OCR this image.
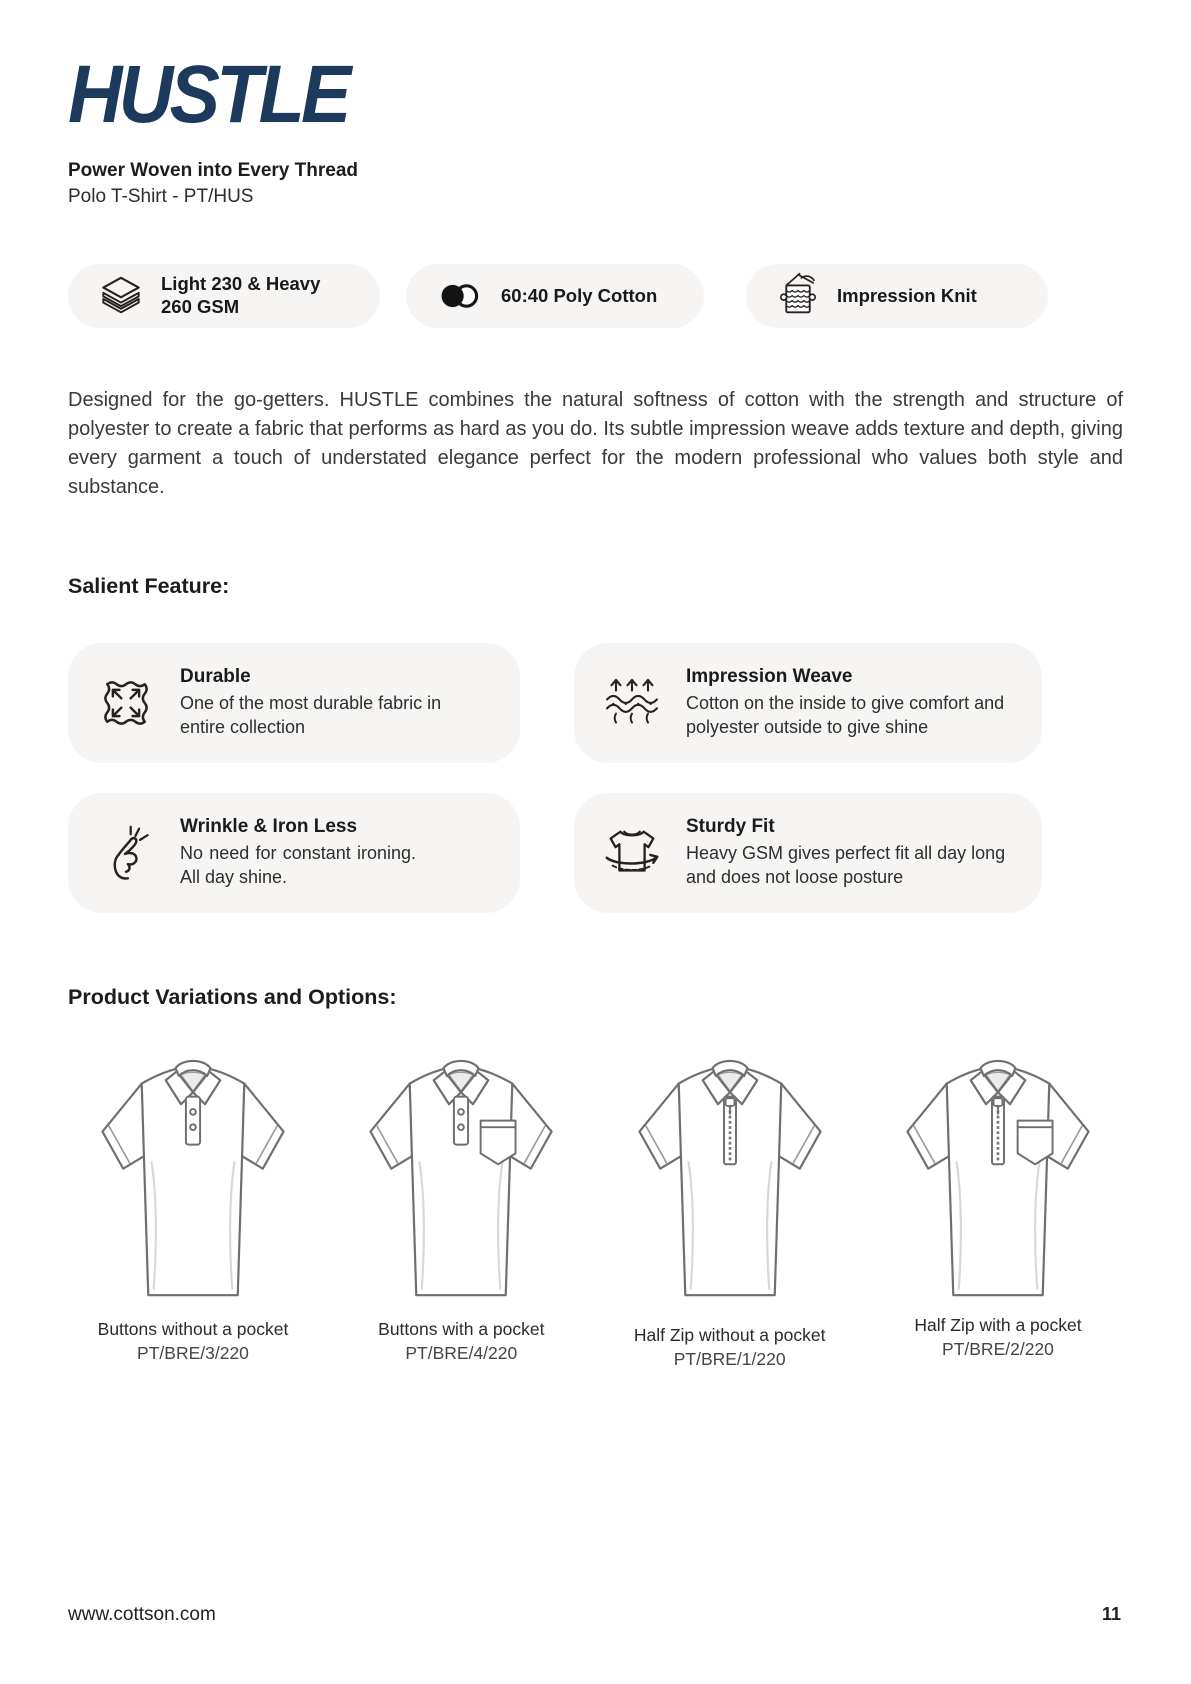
HUSTLE
Power Woven into Every Thread
Polo T-Shirt - PT/HUS
Light 230 & Heavy 260 GSM
60:40 Poly Cotton	Impression Knit

Designed for the go-getters. HUSTLE combines the natural softness of cotton with the strength and structure of polyester to create a fabric that performs as hard as you do. Its subtle impression weave adds texture and depth, giving every garment a touch of understated elegance perfect for the modern professional who values both style and substance.

Salient Feature:
Durable
One of the most durable fabric in entire collection
Impression Weave
Cotton on the inside to give comfort and polyester outside to give shine
Wrinkle & Iron Less
No need for constant ironing. All day shine.
Sturdy Fit
Heavy GSM gives perfect fit all day long and does not loose posture
Product Variations and Options:
Buttons without a pocket
PT/BRE/3/220
Buttons with a pocket
PT/BRE/4/220
Half Zip without a pocket
PT/BRE/1/220
Half Zip with a pocket
PT/BRE/2/220
www.cottson.com	11
